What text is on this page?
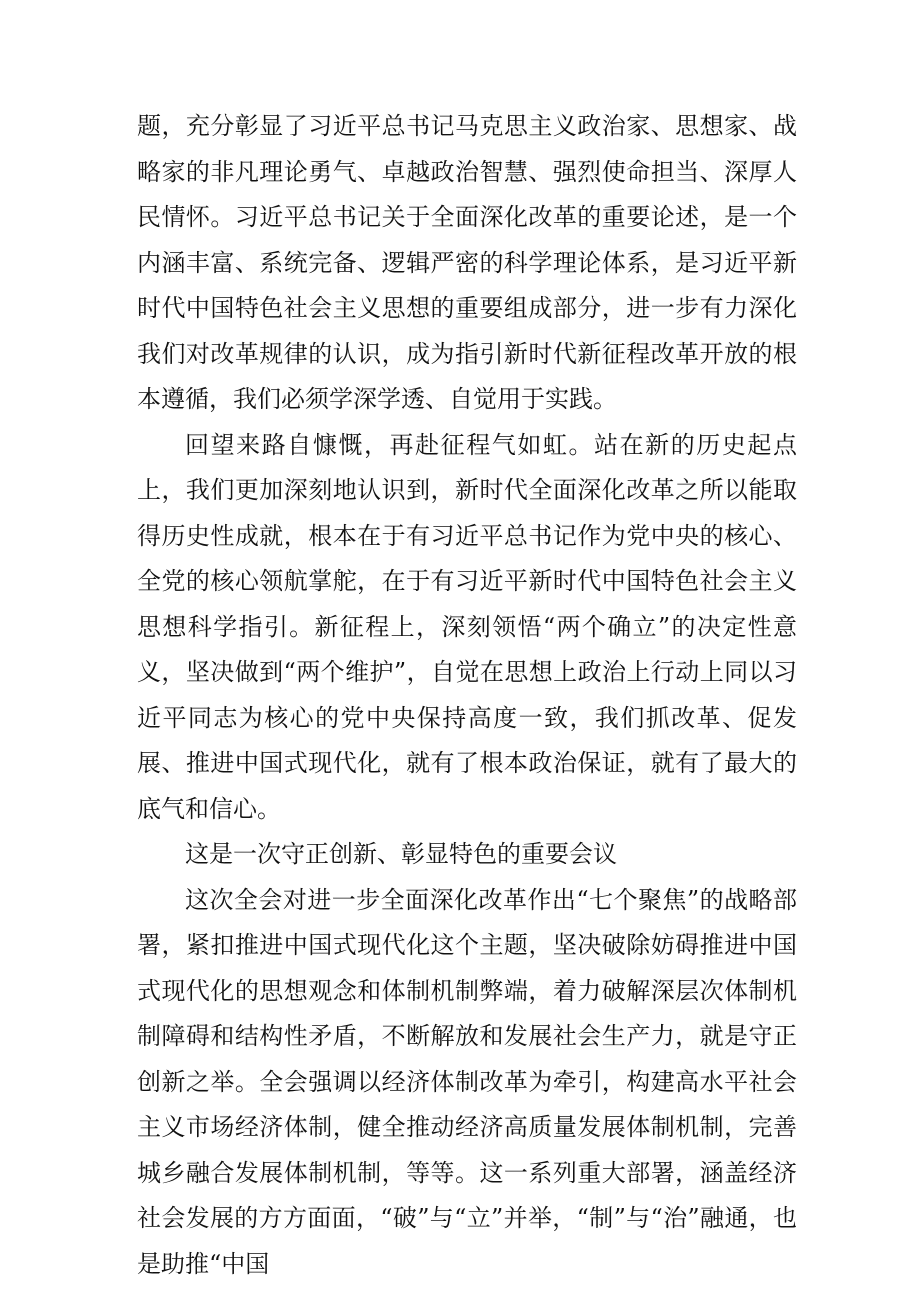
题，充分彰显了习近平总书记马克思主义政治家、思想家、战略家的非凡理论勇气、卓越政治智慧、强烈使命担当、深厚人民情怀。习近平总书记关于全面深化改革的重要论述，是一个内涵丰富、系统完备、逻辑严密的科学理论体系，是习近平新时代中国特色社会主义思想的重要组成部分，进一步有力深化我们对改革规律的认识，成为指引新时代新征程改革开放的根本遵循，我们必须学深学透、自觉用于实践。

回望来路自慷慨，再赴征程气如虹。站在新的历史起点上，我们更加深刻地认识到，新时代全面深化改革之所以能取得历史性成就，根本在于有习近平总书记作为党中央的核心、全党的核心领航掌舵，在于有习近平新时代中国特色社会主义思想科学指引。新征程上，深刻领悟“两个确立”的决定性意义，坚决做到“两个维护”，自觉在思想上政治上行动上同以习近平同志为核心的党中央保持高度一致，我们抓改革、促发展、推进中国式现代化，就有了根本政治保证，就有了最大的底气和信心。

这是一次守正创新、彰显特色的重要会议

这次全会对进一步全面深化改革作出“七个聚焦”的战略部署，紧扣推进中国式现代化这个主题，坚决破除妨碍推进中国式现代化的思想观念和体制机制弊端，着力破解深层次体制机制障碍和结构性矛盾，不断解放和发展社会生产力，就是守正创新之举。全会强调以经济体制改革为牵引，构建高水平社会主义市场经济体制，健全推动经济高质量发展体制机制，完善城乡融合发展体制机制，等等。这一系列重大部署，涵盖经济社会发展的方方面面，“破”与“立”并举，“制”与“治”融通，也是助推“中国
